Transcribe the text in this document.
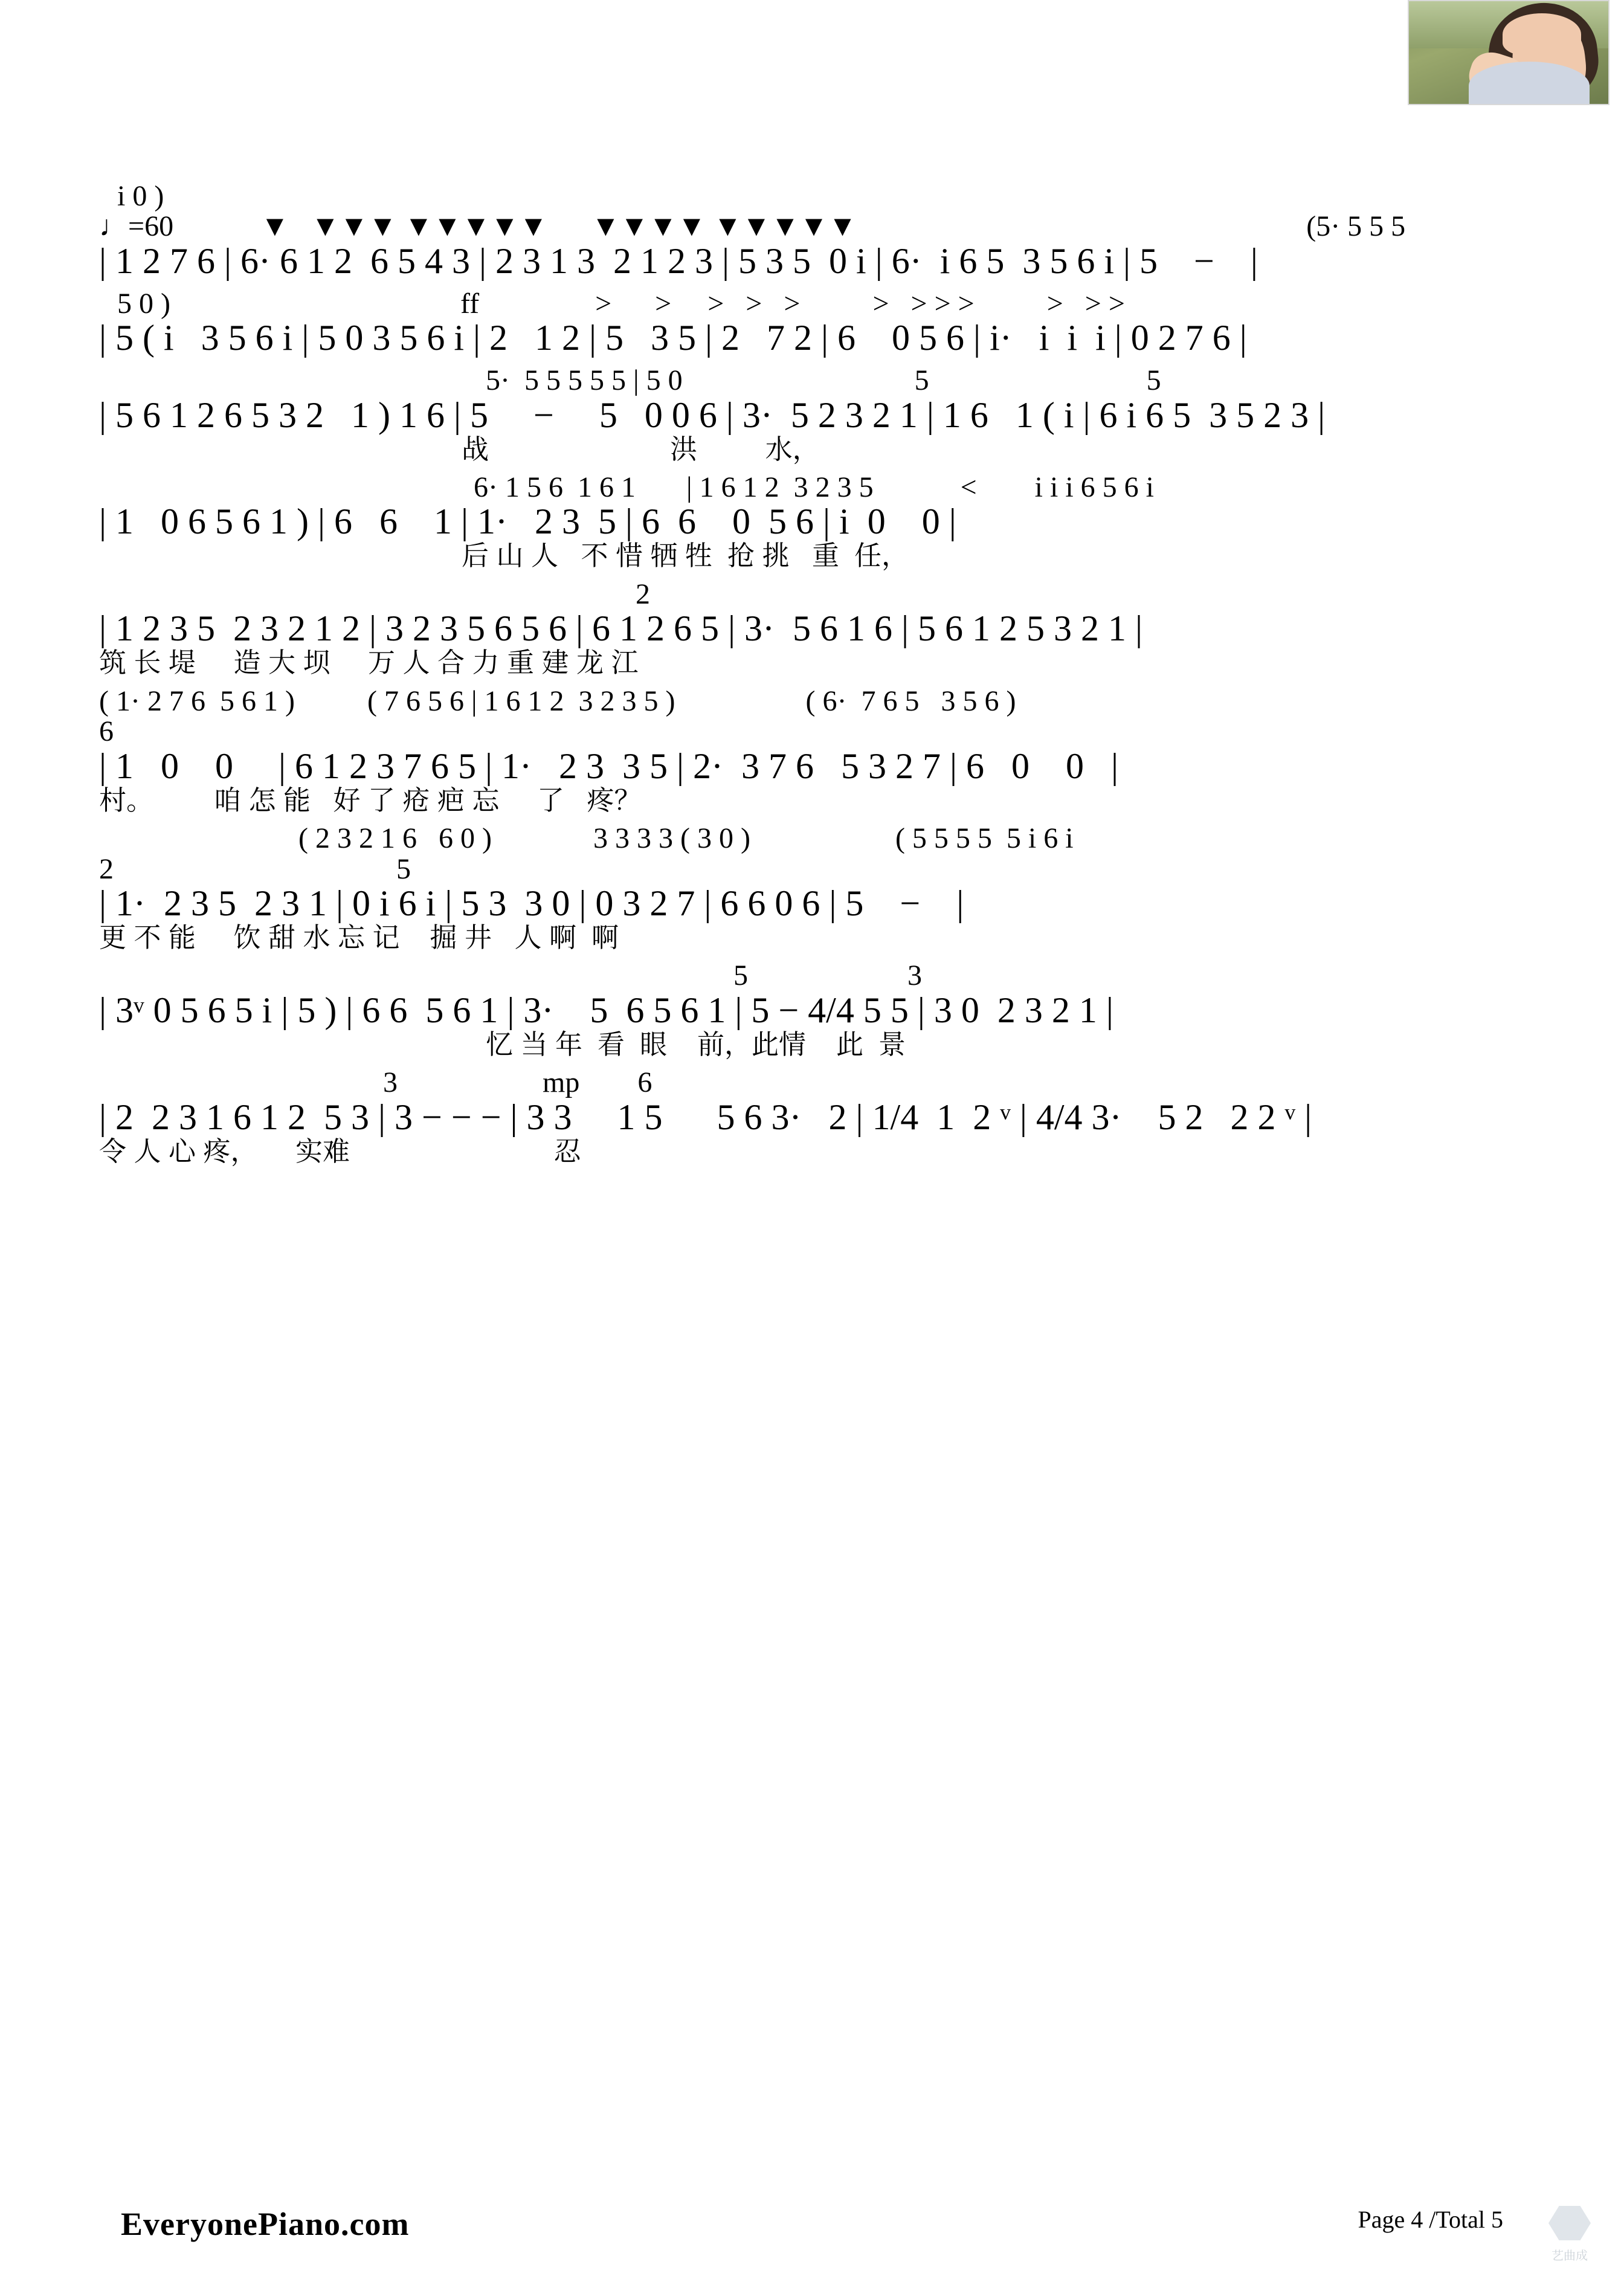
i 0 )
♩=60            ▼   ▼▼▼ ▼▼▼▼▼      ▼▼▼▼ ▼▼▼▼▼                                                              (5· 5 5 5
| 1 2 7 6 | 6· 6 1 2  6 5 4 3 | 2 3 1 3  2 1 2 3 | 5 3 5  0 i | 6·  i 6 5  3 5 6 i | 5    −    |
5 0 )                                        ff                >      >     >   >   >          >   > > >          >   > >
| 5 ( i   3 5 6 i | 5 0 3 5 6 i | 2   1 2 | 5   3 5 | 2   7 2 | 6    0 5 6 | i·   i  i  i | 0 2 7 6 |
5·  5 5 5 5 5 | 5 0                                5                              5
| 5 6 1 2 6 5 3 2   1 ) 1 6 | 5     −     5   0 0 6 | 3·  5 2 3 2 1 | 1 6   1 ( i | 6 i 6 5  3 5 2 3 |
战                        洪         水，
6· 1 5 6  1 6 1       | 1 6 1 2  3 2 3 5            <        i i i 6 5 6 i
| 1   0 6 5 6 1 ) | 6   6    1 | 1·   2 3  5 | 6  6    0  5 6 | i  0    0 |
后 山 人   不 惜 牺 牲  抢 挑   重  任，
2
| 1 2 3 5  2 3 2 1 2 | 3 2 3 5 6 5 6 | 6 1 2 6 5 | 3·  5 6 1 6 | 5 6 1 2 5 3 2 1 |
筑 长 堤     造 大 坝     万 人 合 力 重 建 龙 江
( 1· 2 7 6  5 6 1 )          ( 7 6 5 6 | 1 6 1 2  3 2 3 5 )                  ( 6·  7 6 5   3 5 6 )
6
| 1   0    0     | 6 1 2 3 7 6 5 | 1·   2 3  3 5 | 2·  3 7 6   5 3 2 7 | 6   0    0   |
村。        咱 怎 能   好 了 疮 疤 忘     了   疼？
( 2 3 2 1 6   6 0 )              3 3 3 3 ( 3 0 )                    ( 5 5 5 5  5 i 6 i
2                                       5
| 1·  2 3 5  2 3 1 | 0 i 6 i | 5 3  3 0 | 0 3 2 7 | 6 6 0 6 | 5    −    |
更 不 能     饮 甜 水 忘 记    掘 井   人 啊  啊
5                      3
| 3ᵛ 0 5 6 5 i | 5 ) | 6 6  5 6 1 | 3·    5  6 5 6 1 | 5 − 4/4 5 5 | 3 0  2 3 2 1 |
忆 当 年  看  眼    前，此情    此  景
3                    mp        6
| 2  2 3 1 6 1 2  5 3 | 3 − − − | 3 3     1 5      5 6 3·   2 | 1/4  1  2 ᵛ | 4/4 3·    5 2   2 2 ᵛ |
令 人 心 疼，     实难                           忍
EveryonePiano.com	Page 4 /Total 5
艺曲成
